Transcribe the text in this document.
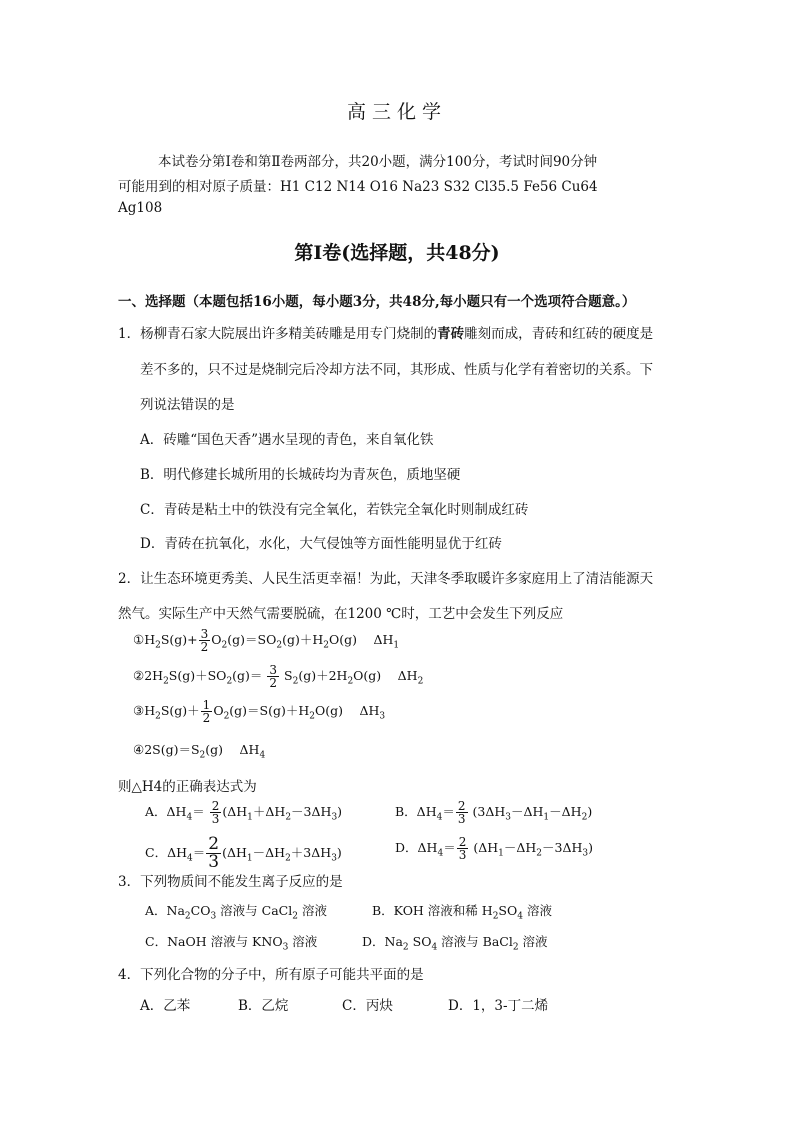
高三化学
本试卷分第Ⅰ卷和第Ⅱ卷两部分，共20小题，满分100分，考试时间90分钟
可能用到的相对原子质量：H1 C12 N14 O16 Na23 S32 Cl35.5 Fe56 Cu64
Ag108
第Ⅰ卷(选择题，共48分)
一、选择题（本题包括16小题，每小题3分，共48分,每小题只有一个选项符合题意。）
1．杨柳青石家大院展出许多精美砖雕是用专门烧制的青砖雕刻而成，青砖和红砖的硬度是
差不多的，只不过是烧制完后冷却方法不同，其形成、性质与化学有着密切的关系。下
列说法错误的是
A．砖雕“国色天香”遇水呈现的青色，来自氧化铁
B．明代修建长城所用的长城砖均为青灰色，质地坚硬
C．青砖是粘土中的铁没有完全氧化，若铁完全氧化时则制成红砖
D．青砖在抗氧化，水化，大气侵蚀等方面性能明显优于红砖
2．让生态环境更秀美、人民生活更幸福！为此，天津冬季取暖许多家庭用上了清洁能源天
然气。实际生产中天然气需要脱硫，在1200 ℃时，工艺中会发生下列反应
$①H_2S(g)+ \frac{3}{2} O_2(g)=SO_2(g)+H_2O(g)$　 $\Delta H_1$
$②2H_2S(g)+SO_2(g)= \frac{3}{2} S_2(g)+2H_2O(g)$　 $\Delta H_2$
$③H_2S(g)+ \frac{1}{2} O_2(g)=S(g)+H_2O(g)$　 $\Delta H_3$
$④2S(g)=S_2(g)$　 $\Delta H_4$
则△H4的正确表达式为
A．$\Delta H_4= \frac{2}{3} (\Delta H_1+\Delta H_2-3\Delta H_3)$	B．$\Delta H_4= \frac{2}{3} (3\Delta H_3-\Delta H_1-\Delta H_2)$
C．$\Delta H_4= \frac{2}{3} (\Delta H_1-\Delta H_2+3\Delta H_3)$	D．$\Delta H_4= \frac{2}{3} (\Delta H_1-\Delta H_2-3\Delta H_3)$
3．下列物质间不能发生离子反应的是
A．$Na_2CO_3$ 溶液与 CaCl$_2$ 溶液	B．KOH 溶液和稀 $H_2SO_4$ 溶液
C．NaOH 溶液与 $KNO_3$ 溶液	D．$Na_2$ $SO_4$ 溶液与 BaCl$_2$ 溶液
4．下列化合物的分子中，所有原子可能共平面的是
A．乙苯	B．乙烷	C．丙炔	D．1，3-丁二烯
